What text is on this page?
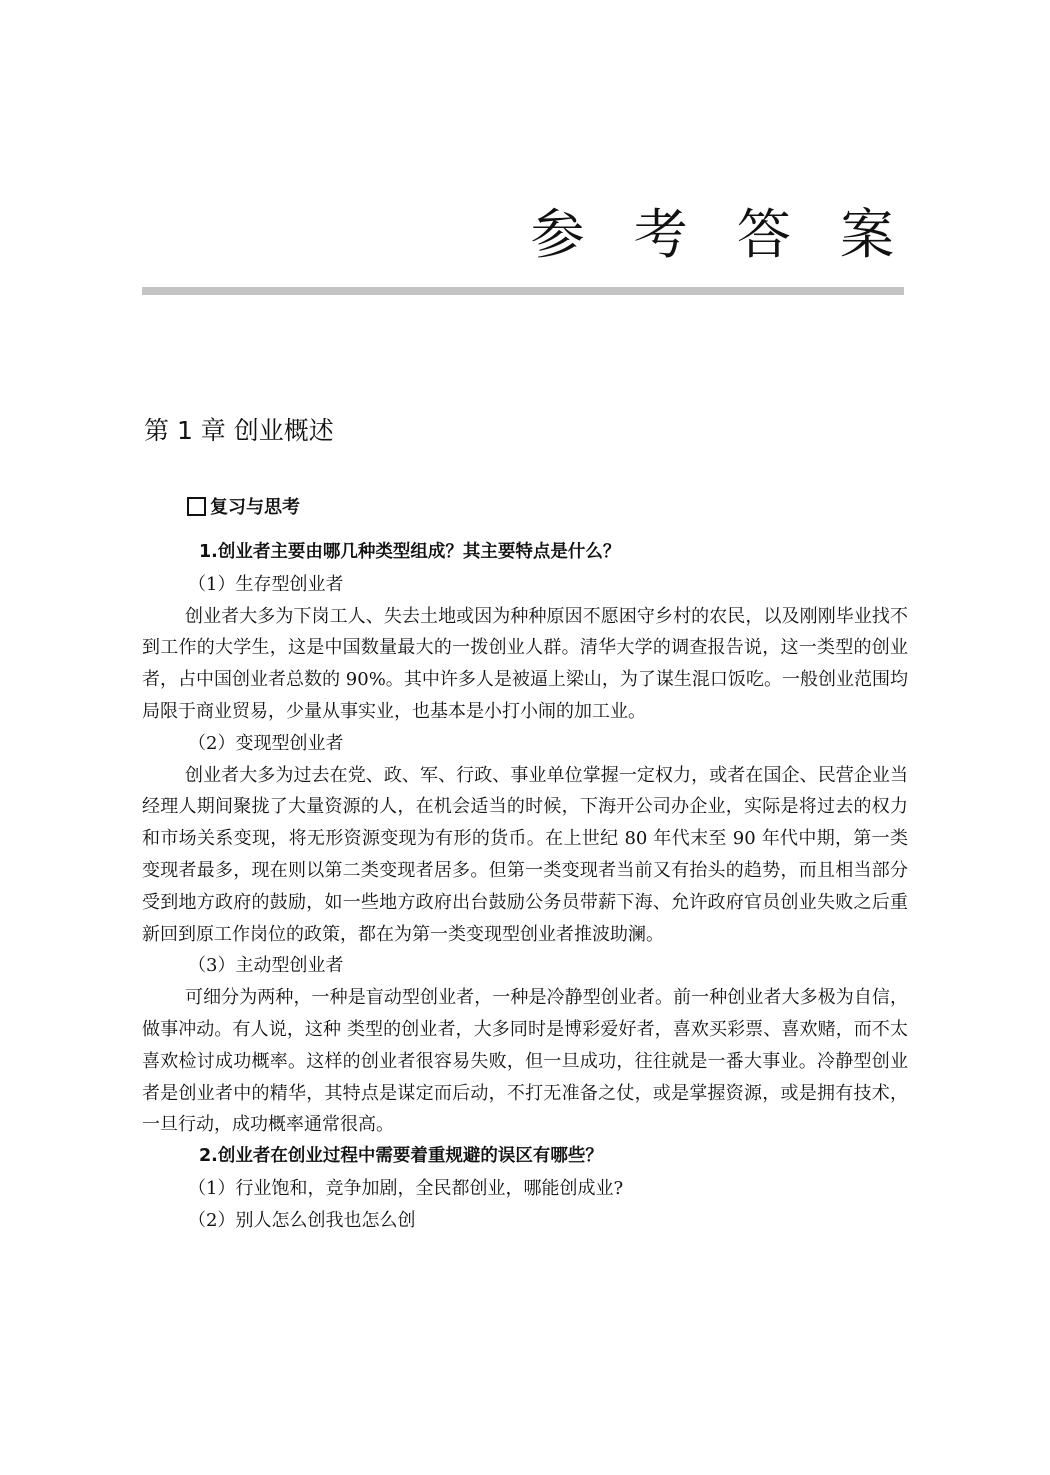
参 考 答 案
第 1 章 创业概述
复习与思考

1.创业者主要由哪几种类型组成？其主要特点是什么？

（1）生存型创业者

创业者大多为下岗工人、失去土地或因为种种原因不愿困守乡村的农民，以及刚刚毕业找不到工作的大学生，这是中国数量最大的一拨创业人群。清华大学的调查报告说，这一类型的创业者，占中国创业者总数的 90%。其中许多人是被逼上梁山，为了谋生混口饭吃。一般创业范围均局限于商业贸易，少量从事实业，也基本是小打小闹的加工业。

（2）变现型创业者

创业者大多为过去在党、政、军、行政、事业单位掌握一定权力，或者在国企、民营企业当经理人期间聚拢了大量资源的人，在机会适当的时候，下海开公司办企业，实际是将过去的权力和市场关系变现，将无形资源变现为有形的货币。在上世纪 80 年代末至 90 年代中期，第一类变现者最多，现在则以第二类变现者居多。但第一类变现者当前又有抬头的趋势，而且相当部分受到地方政府的鼓励，如一些地方政府出台鼓励公务员带薪下海、允许政府官员创业失败之后重新回到原工作岗位的政策，都在为第一类变现型创业者推波助澜。

（3）主动型创业者

可细分为两种，一种是盲动型创业者，一种是冷静型创业者。前一种创业者大多极为自信，做事冲动。有人说，这种 类型的创业者，大多同时是博彩爱好者，喜欢买彩票、喜欢赌，而不太喜欢检讨成功概率。这样的创业者很容易失败，但一旦成功，往往就是一番大事业。冷静型创业者是创业者中的精华，其特点是谋定而后动，不打无准备之仗，或是掌握资源，或是拥有技术，一旦行动，成功概率通常很高。

2.创业者在创业过程中需要着重规避的误区有哪些？

（1）行业饱和，竞争加剧，全民都创业，哪能创成业?

（2）别人怎么创我也怎么创
